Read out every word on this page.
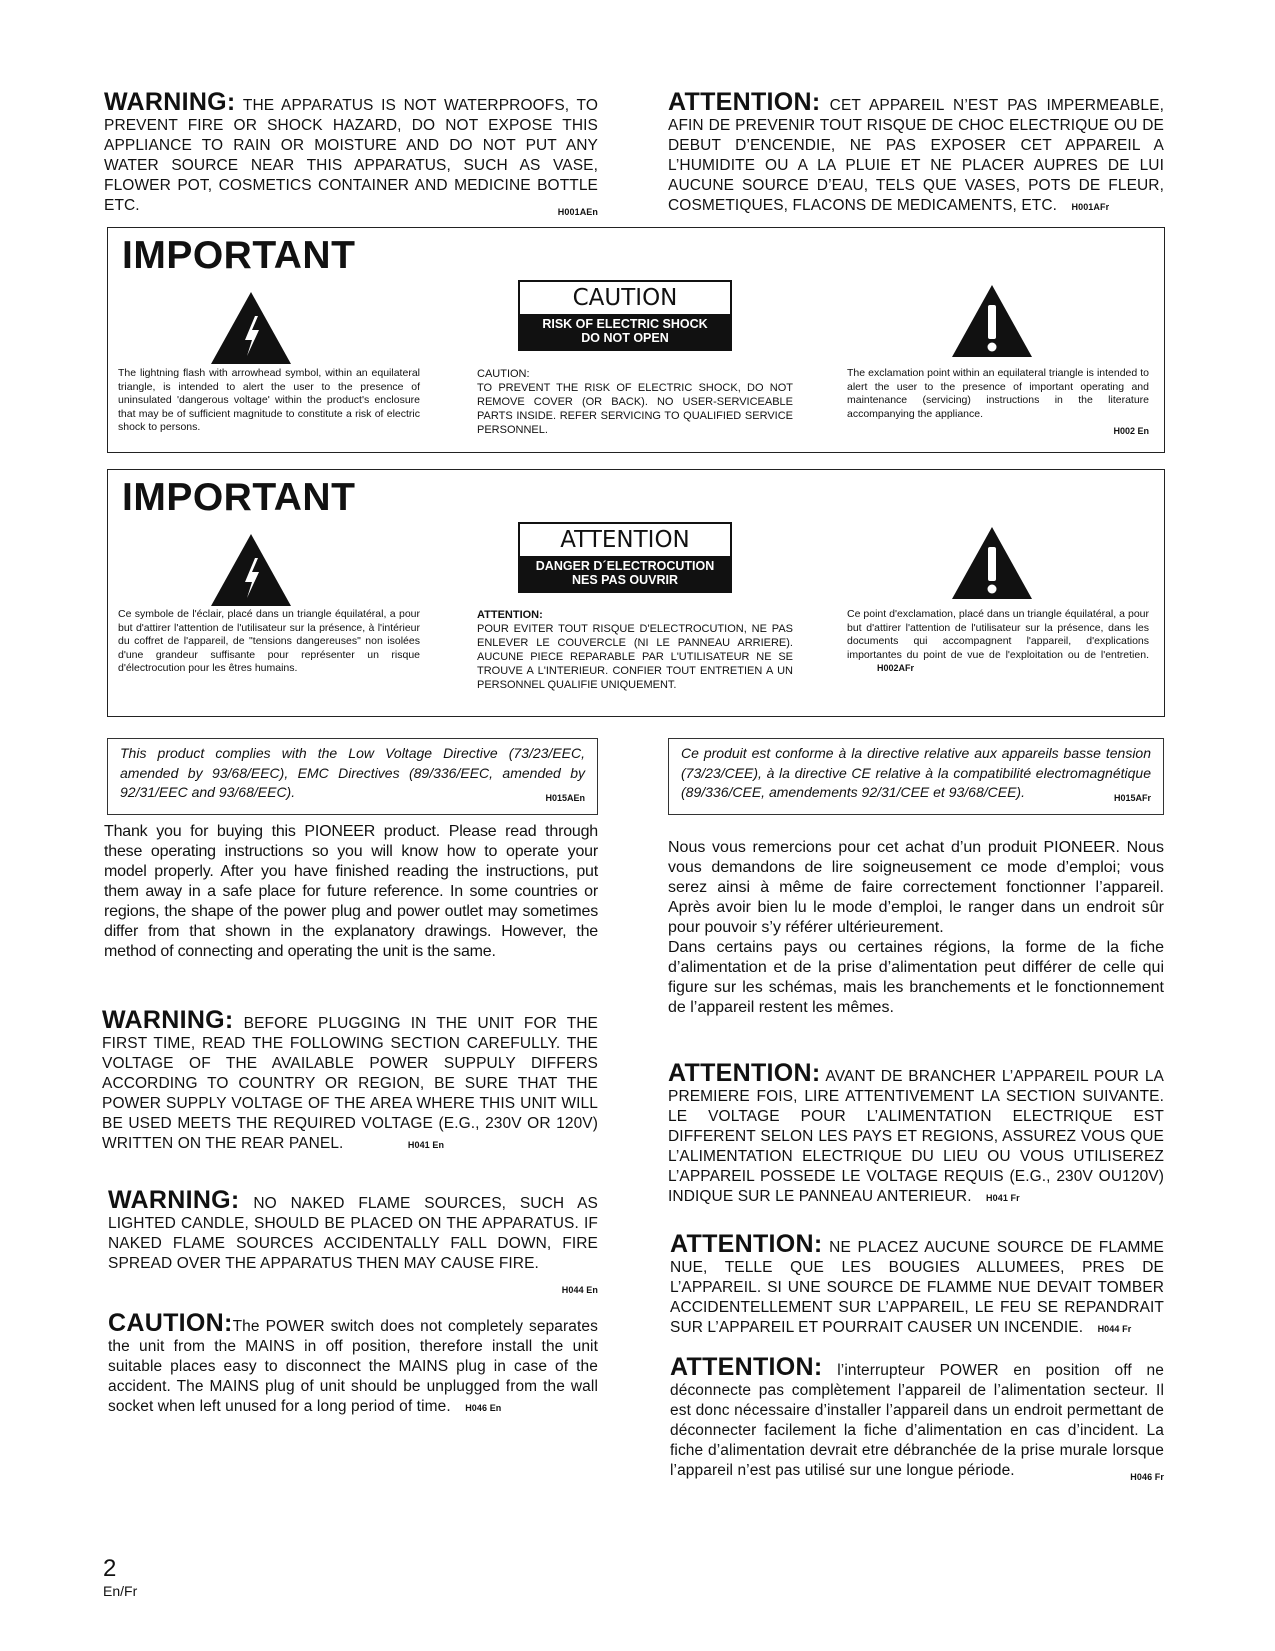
WARNING: THE APPARATUS IS NOT WATERPROOFS, TO PREVENT FIRE OR SHOCK HAZARD, DO NOT EXPOSE THIS APPLIANCE TO RAIN OR MOISTURE AND DO NOT PUT ANY WATER SOURCE NEAR THIS APPARATUS, SUCH AS VASE, FLOWER POT, COSMETICS CONTAINER AND MEDICINE BOTTLE ETC.	H001AEn
ATTENTION: CET APPAREIL N’EST PAS IMPERMEABLE, AFIN DE PREVENIR TOUT RISQUE DE CHOC ELECTRIQUE OU DE DEBUT D’ENCENDIE, NE PAS EXPOSER CET APPAREIL A L’HUMIDITE OU A LA PLUIE ET NE PLACER AUPRES DE LUI AUCUNE SOURCE D’EAU, TELS QUE VASES, POTS DE FLEUR, COSMETIQUES, FLACONS DE MEDICAMENTS, ETC. H001AFr
IMPORTANT
CAUTION
RISK OF ELECTRIC SHOCK
DO NOT OPEN
The lightning flash with arrowhead symbol, within an equilateral triangle, is intended to alert the user to the presence of uninsulated 'dangerous voltage' within the product's enclosure that may be of sufficient magnitude to constitute a risk of electric shock to persons.
CAUTION:
TO PREVENT THE RISK OF ELECTRIC SHOCK, DO NOT REMOVE COVER (OR BACK). NO USER-SERVICEABLE PARTS INSIDE. REFER SERVICING TO QUALIFIED SERVICE PERSONNEL.
The exclamation point within an equilateral triangle is intended to alert the user to the presence of important operating and maintenance (servicing) instructions in the literature accompanying the appliance.
H002 En
IMPORTANT
ATTENTION
DANGER D´ELECTROCUTION
NES PAS OUVRIR
Ce symbole de l'éclair, placé dans un triangle équilatéral, a pour but d'attirer l'attention de l'utilisateur sur la présence, à l'intérieur du coffret de l'appareil, de "tensions dangereuses" non isolées d'une grandeur suffisante pour représenter un risque d'électrocution pour les êtres humains.
ATTENTION:
POUR EVITER TOUT RISQUE D'ELECTROCUTION, NE PAS ENLEVER LE COUVERCLE (NI LE PANNEAU ARRIERE). AUCUNE PIECE REPARABLE PAR L'UTILISATEUR NE SE TROUVE A L'INTERIEUR. CONFIER TOUT ENTRETIEN A UN PERSONNEL QUALIFIE UNIQUEMENT.
Ce point d'exclamation, placé dans un triangle équilatéral, a pour but d'attirer l'attention de l'utilisateur sur la présence, dans les documents qui accompagnent l'appareil, d'explications importantes du point de vue de l'exploitation ou de l'entretien. H002AFr
This product complies with the Low Voltage Directive (73/23/EEC, amended by 93/68/EEC), EMC Directives (89/336/EEC, amended by 92/31/EEC and 93/68/EEC).	H015AEn
Ce produit est conforme à la directive relative aux appareils basse tension (73/23/CEE), à la directive CE relative à la compatibilité electromagnétique (89/336/CEE, amendements 92/31/CEE et 93/68/CEE).	H015AFr
Thank you for buying this PIONEER product. Please read through these operating instructions so you will know how to operate your model properly. After you have finished reading the instructions, put them away in a safe place for future reference. In some countries or regions, the shape of the power plug and power outlet may sometimes differ from that shown in the explanatory drawings. However, the method of connecting and operating the unit is the same.
Nous vous remercions pour cet achat d’un produit PIONEER. Nous vous demandons de lire soigneusement ce mode d’emploi; vous serez ainsi à même de faire correctement fonctionner l’appareil. Après avoir bien lu le mode d’emploi, le ranger dans un endroit sûr pour pouvoir s’y référer ultérieurement.
Dans certains pays ou certaines régions, la forme de la fiche d’alimentation et de la prise d’alimentation peut différer de celle qui figure sur les schémas, mais les branchements et le fonctionnement de l’appareil restent les mêmes.
WARNING: BEFORE PLUGGING IN THE UNIT FOR THE FIRST TIME, READ THE FOLLOWING SECTION CAREFULLY. THE VOLTAGE OF THE AVAILABLE POWER SUPPULY DIFFERS ACCORDING TO COUNTRY OR REGION, BE SURE THAT THE POWER SUPPLY VOLTAGE OF THE AREA WHERE THIS UNIT WILL BE USED MEETS THE REQUIRED VOLTAGE (E.G., 230V OR 120V) WRITTEN ON THE REAR PANEL.	H041 En
ATTENTION: AVANT DE BRANCHER L’APPAREIL POUR LA PREMIERE FOIS, LIRE ATTENTIVEMENT LA SECTION SUIVANTE. LE VOLTAGE POUR L’ALIMENTATION ELECTRIQUE EST DIFFERENT SELON LES PAYS ET REGIONS, ASSUREZ VOUS QUE L’ALIMENTATION ELECTRIQUE DU LIEU OU VOUS UTILISEREZ L’APPAREIL POSSEDE LE VOLTAGE REQUIS (E.G., 230V OU120V) INDIQUE SUR LE PANNEAU ANTERIEUR. H041 Fr
WARNING: NO NAKED FLAME SOURCES, SUCH AS LIGHTED CANDLE, SHOULD BE PLACED ON THE APPARATUS. IF NAKED FLAME SOURCES ACCIDENTALLY FALL DOWN, FIRE SPREAD OVER THE APPARATUS THEN MAY CAUSE FIRE.
H044 En
ATTENTION: NE PLACEZ AUCUNE SOURCE DE FLAMME NUE, TELLE QUE LES BOUGIES ALLUMEES, PRES DE L’APPAREIL. SI UNE SOURCE DE FLAMME NUE DEVAIT TOMBER ACCIDENTELLEMENT SUR L’APPAREIL, LE FEU SE REPANDRAIT SUR L’APPAREIL ET POURRAIT CAUSER UN INCENDIE. H044 Fr
CAUTION:The POWER switch does not completely separates the unit from the MAINS in off position, therefore install the unit suitable places easy to disconnect the MAINS plug in case of the accident. The MAINS plug of unit should be unplugged from the wall socket when left unused for a long period of time. H046 En
ATTENTION: l’interrupteur POWER en position off ne déconnecte pas complètement l’appareil de l’alimentation secteur. Il est donc nécessaire d’installer l’appareil dans un endroit permettant de déconnecter facilement la fiche d’alimentation en cas d’incident. La fiche d’alimentation devrait etre débranchée de la prise murale lorsque l’appareil n’est pas utilisé sur une longue période.	H046 Fr
2
En/Fr
